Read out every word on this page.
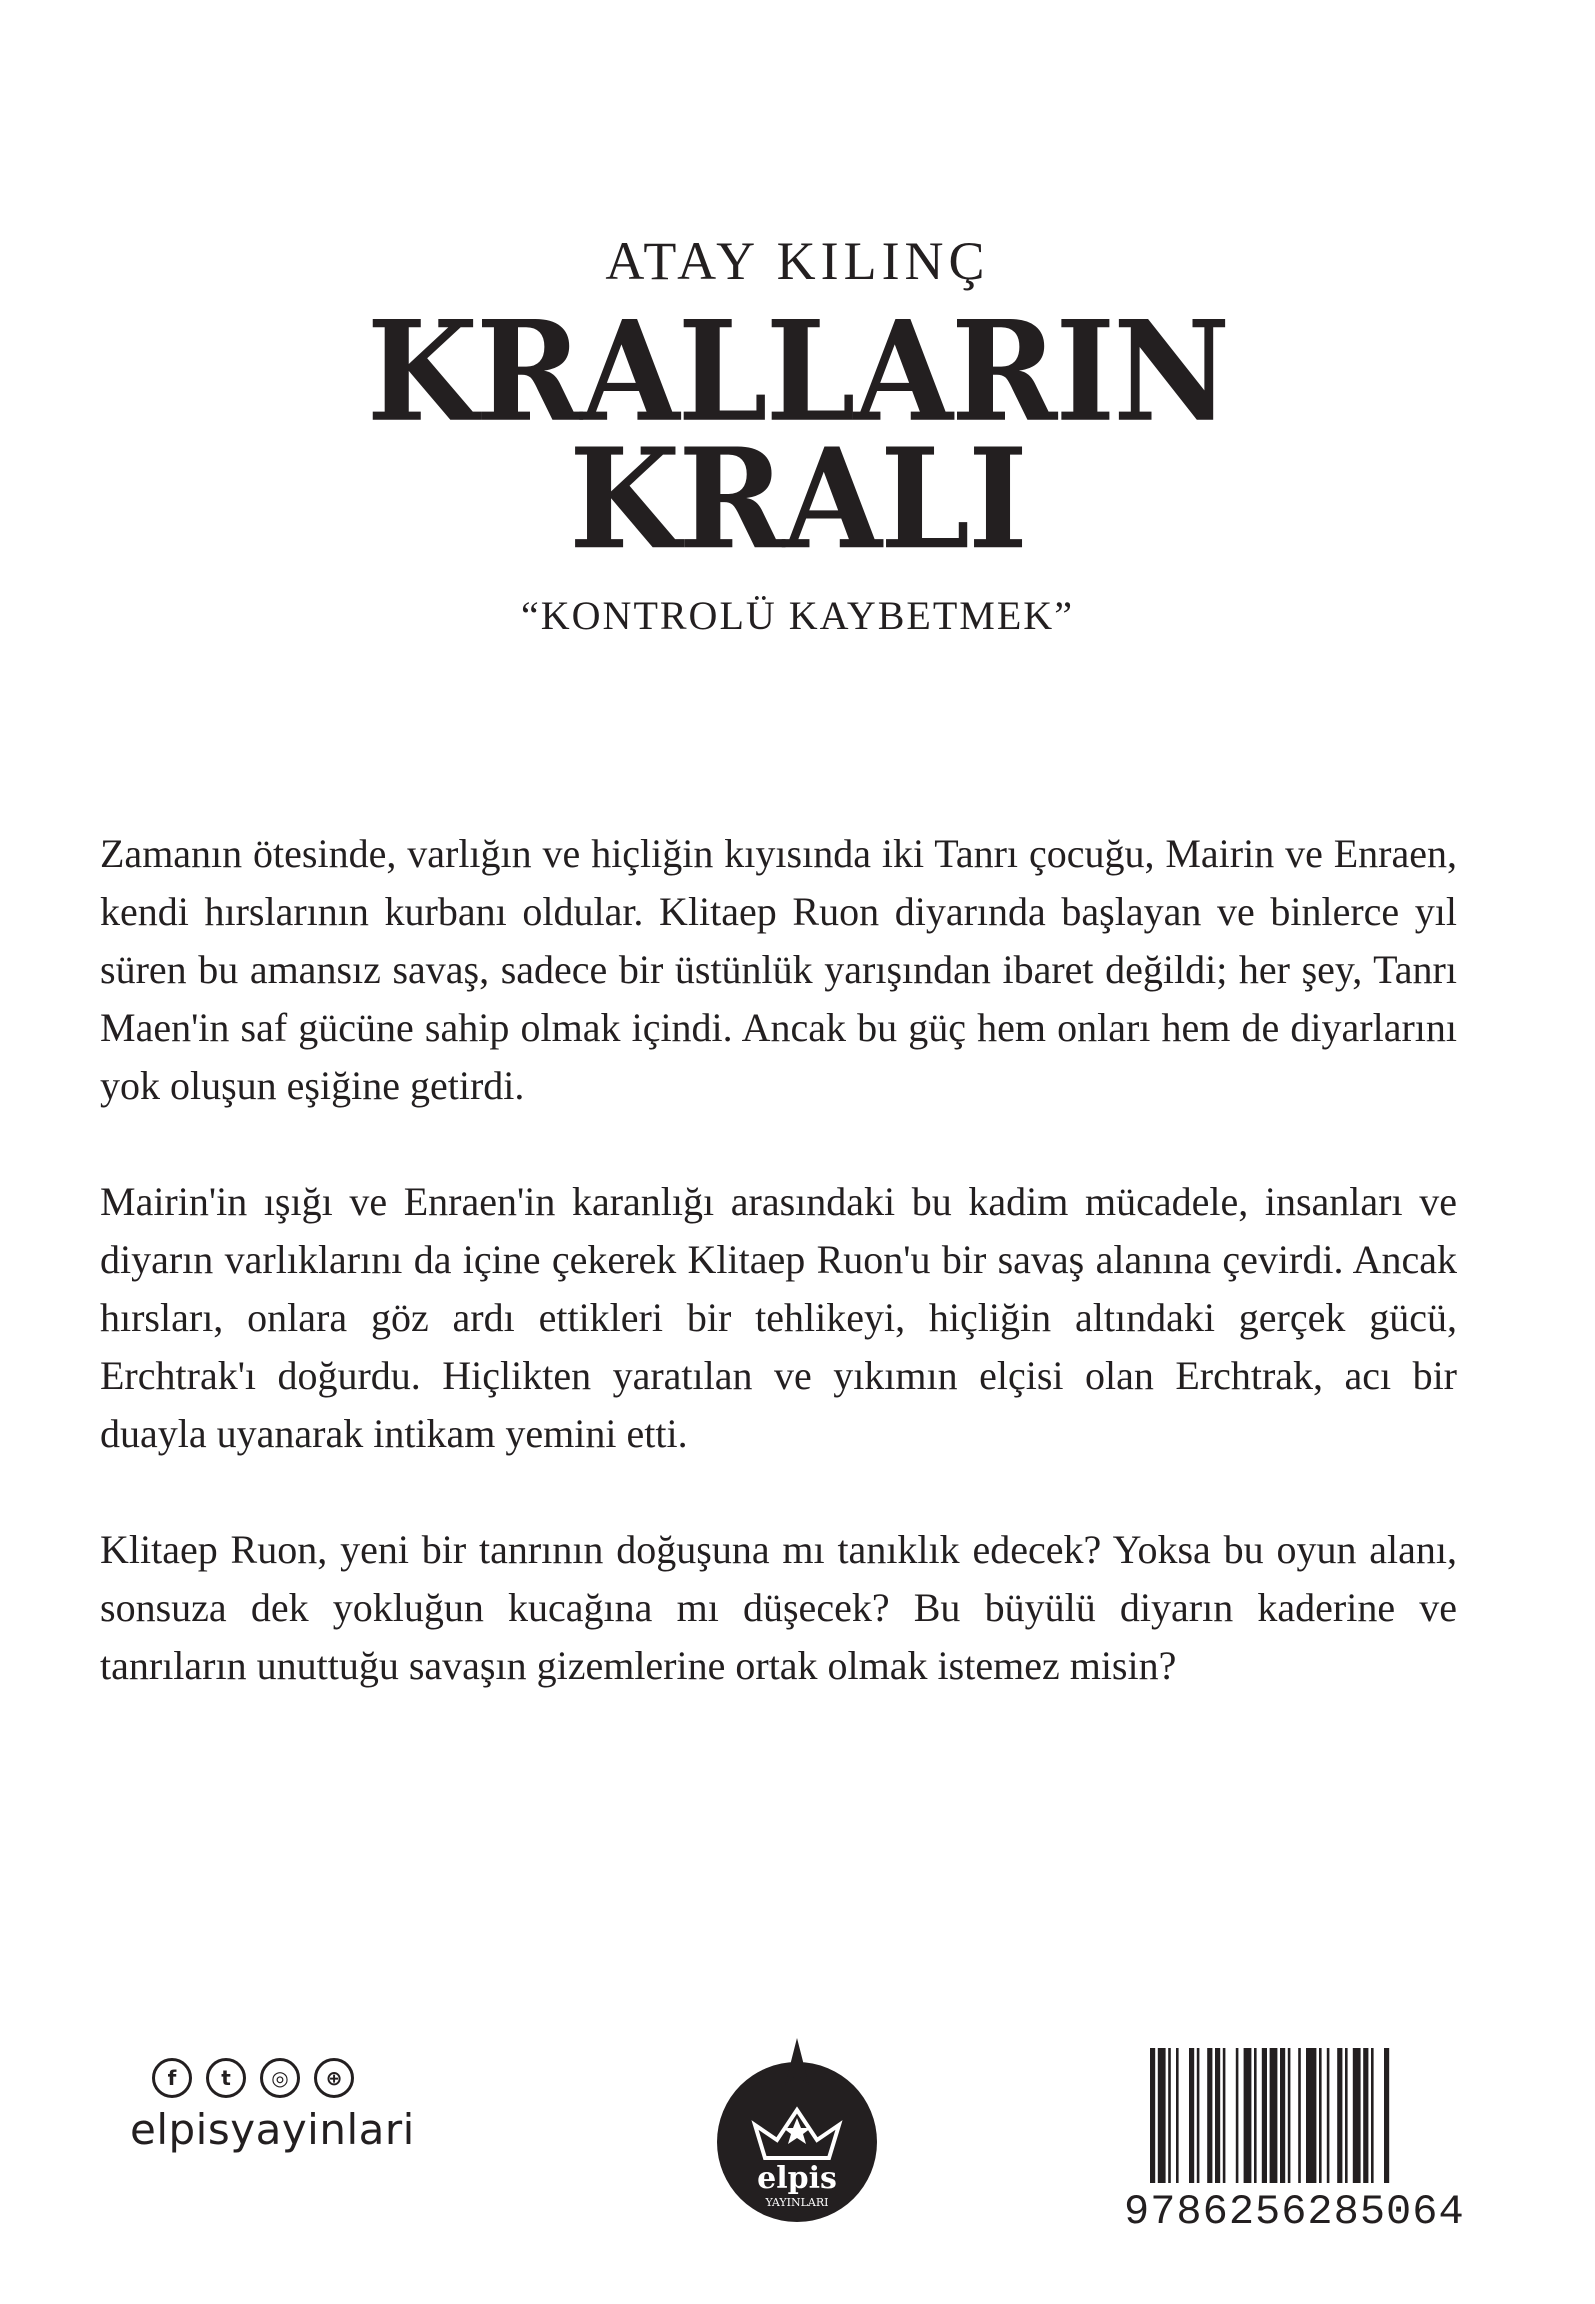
ATAY KILINÇ
KRALLARIN
KRALI
“KONTROLÜ KAYBETMEK”

Zamanın ötesinde, varlığın ve hiçliğin kıyısında iki Tanrı çocuğu, Mairin ve Enraen, kendi hırslarının kurbanı oldular. Klitaep Ruon diyarında başlayan ve binlerce yıl süren bu amansız savaş, sadece bir üstünlük yarışından ibaret değildi; her şey, Tanrı Maen'in saf gücüne sahip olmak içindi. Ancak bu güç hem onları hem de diyarlarını yok oluşun eşiğine getirdi.

Mairin'in ışığı ve Enraen'in karanlığı arasındaki bu kadim mücadele, insanları ve diyarın varlıklarını da içine çekerek Klitaep Ruon'u bir savaş alanına çevirdi. Ancak hırsları, onlara göz ardı ettikleri bir tehlikeyi, hiçliğin altındaki gerçek gücü, Erchtrak'ı doğurdu. Hiçlikten yaratılan ve yıkımın elçisi olan Erchtrak, acı bir duayla uyanarak intikam yemini etti.

Klitaep Ruon, yeni bir tanrının doğuşuna mı tanıklık edecek? Yoksa bu oyun alanı, sonsuza dek yokluğun kucağına mı düşecek? Bu büyülü diyarın kaderine ve tanrıların unuttuğu savaşın gizemlerine ortak olmak istemez misin?

f	t	◎	⊕
elpisyayinlari
elpis
YAYINLARI	9786256285064
